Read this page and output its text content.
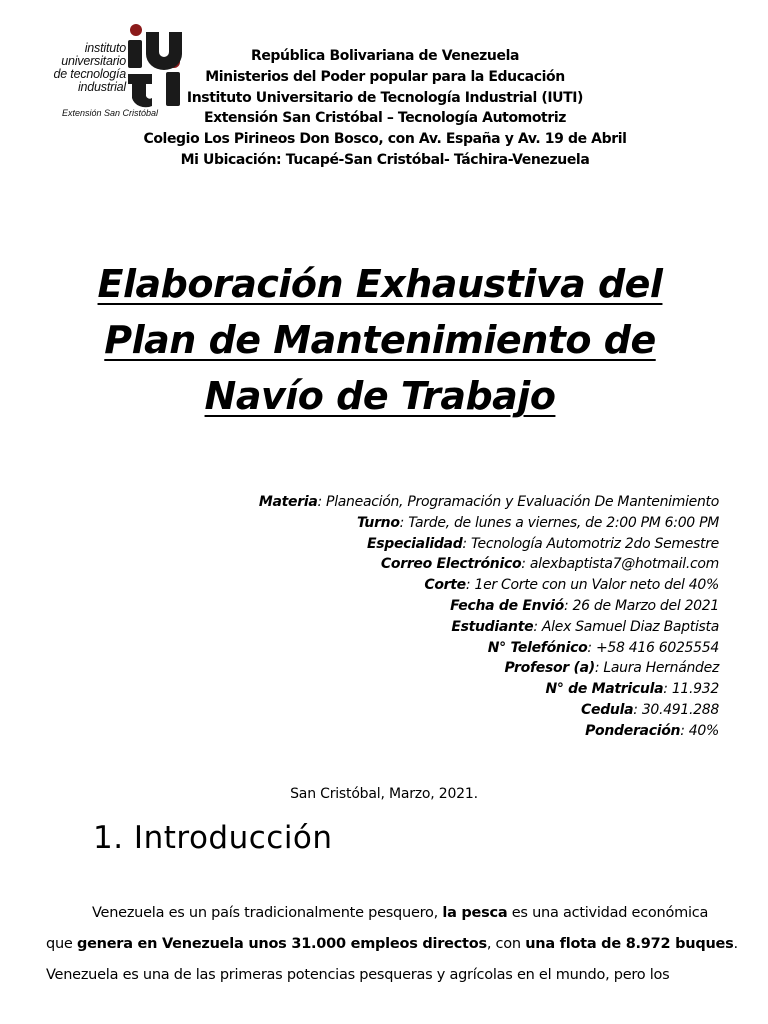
instituto
universitario
de tecnología
industrial
Extensión San Cristóbal
República Bolivariana de Venezuela
Ministerios del Poder popular para la Educación
Instituto Universitario de Tecnología Industrial (IUTI)
Extensión San Cristóbal – Tecnología Automotriz
Colegio Los Pirineos Don Bosco, con Av. España y Av. 19 de Abril
Mi Ubicación: Tucapé-San Cristóbal- Táchira-Venezuela
Elaboración Exhaustiva del
Plan de Mantenimiento de
Navío de Trabajo
Materia: Planeación, Programación y Evaluación De Mantenimiento
Turno: Tarde, de lunes a viernes, de 2:00 PM 6:00 PM
Especialidad: Tecnología Automotriz 2do Semestre
Correo Electrónico: alexbaptista7@hotmail.com
Corte: 1er Corte con un Valor neto del 40%
Fecha de Envió: 26 de Marzo del 2021
Estudiante: Alex Samuel Diaz Baptista
N° Telefónico: +58 416 6025554
Profesor (a): Laura Hernández
N° de Matricula: 11.932
Cedula: 30.491.288
Ponderación: 40%
San Cristóbal, Marzo, 2021.
1. Introducción
Venezuela es un país tradicionalmente pesquero, la pesca es una actividad económica
que genera en Venezuela unos 31.000 empleos directos, con una flota de 8.972 buques.
Venezuela es una de las primeras potencias pesqueras y agrícolas en el mundo, pero los
